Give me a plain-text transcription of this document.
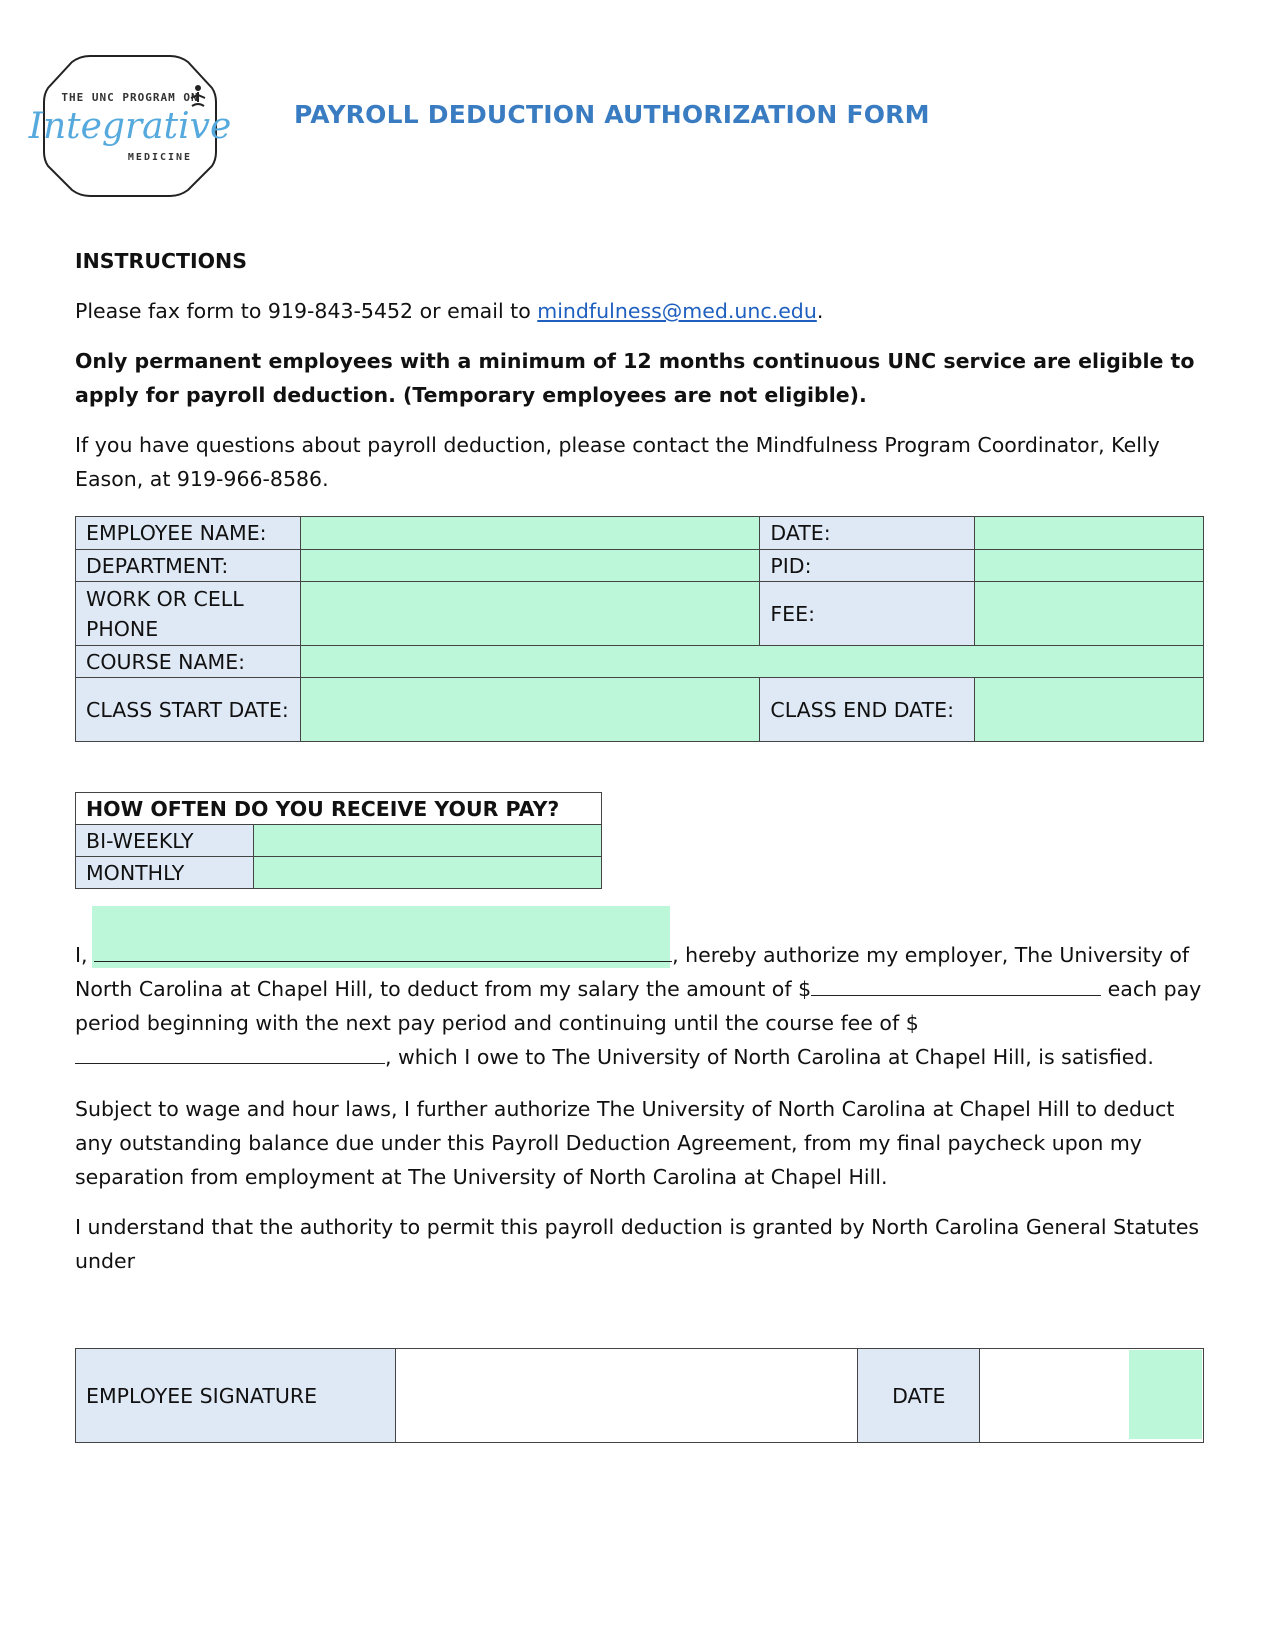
THE UNC PROGRAM ON
Integrative
MEDICINE
PAYROLL DEDUCTION AUTHORIZATION FORM

INSTRUCTIONS

Please fax form to 919-843-5452 or email to mindfulness@med.unc.edu.

Only permanent employees with a minimum of 12 months continuous UNC service are eligible to apply for payroll deduction. (Temporary employees are not eligible).

If you have questions about payroll deduction, please contact the Mindfulness Program Coordinator, Kelly Eason, at 919-966-8586.

EMPLOYEE NAME:		DATE:	
DEPARTMENT:		PID:	
WORK OR CELL PHONE		FEE:	
COURSE NAME:			
CLASS START DATE:		CLASS END DATE:	
HOW OFTEN DO YOU RECEIVE YOUR PAY?	
BI-WEEKLY	
MONTHLY	

I,	, hereby authorize my employer, The University of North Carolina at Chapel Hill, to deduct from my salary the amount of $	each pay period beginning with the next pay period and continuing until the course fee of $, which I owe to The University of North Carolina at Chapel Hill, is satisfied.

Subject to wage and hour laws, I further authorize The University of North Carolina at Chapel Hill to deduct any outstanding balance due under this Payroll Deduction Agreement, from my final paycheck upon my separation from employment at The University of North Carolina at Chapel Hill.

I understand that the authority to permit this payroll deduction is granted by North Carolina General Statutes under

EMPLOYEE SIGNATURE		DATE	
